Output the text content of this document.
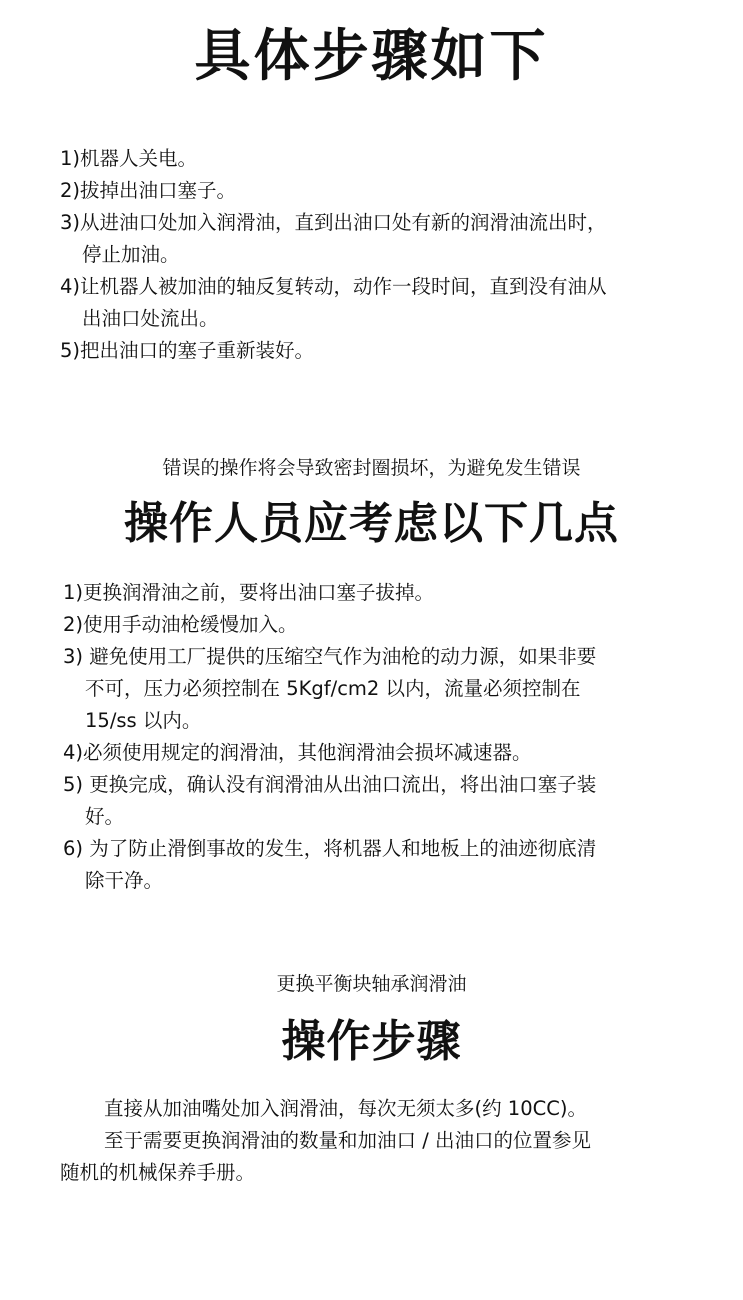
具体步骤如下
1)机器人关电。
2)拔掉出油口塞子。
3)从进油口处加入润滑油，直到出油口处有新的润滑油流出时，
停止加油。
4)让机器人被加油的轴反复转动，动作一段时间，直到没有油从
出油口处流出。
5)把出油口的塞子重新装好。
错误的操作将会导致密封圈损坏，为避免发生错误
操作人员应考虑以下几点
1)更换润滑油之前，要将出油口塞子拔掉。
2)使用手动油枪缓慢加入。
3) 避免使用工厂提供的压缩空气作为油枪的动力源，如果非要
不可，压力必须控制在 5Kgf/cm2 以内，流量必须控制在
15/ss 以内。
4)必须使用规定的润滑油，其他润滑油会损坏减速器。
5) 更换完成，确认没有润滑油从出油口流出，将出油口塞子装
好。
6) 为了防止滑倒事故的发生，将机器人和地板上的油迹彻底清
除干净。
更换平衡块轴承润滑油
操作步骤

直接从加油嘴处加入润滑油，每次无须太多(约 10CC)。

至于需要更换润滑油的数量和加油口 / 出油口的位置参见

随机的机械保养手册。
